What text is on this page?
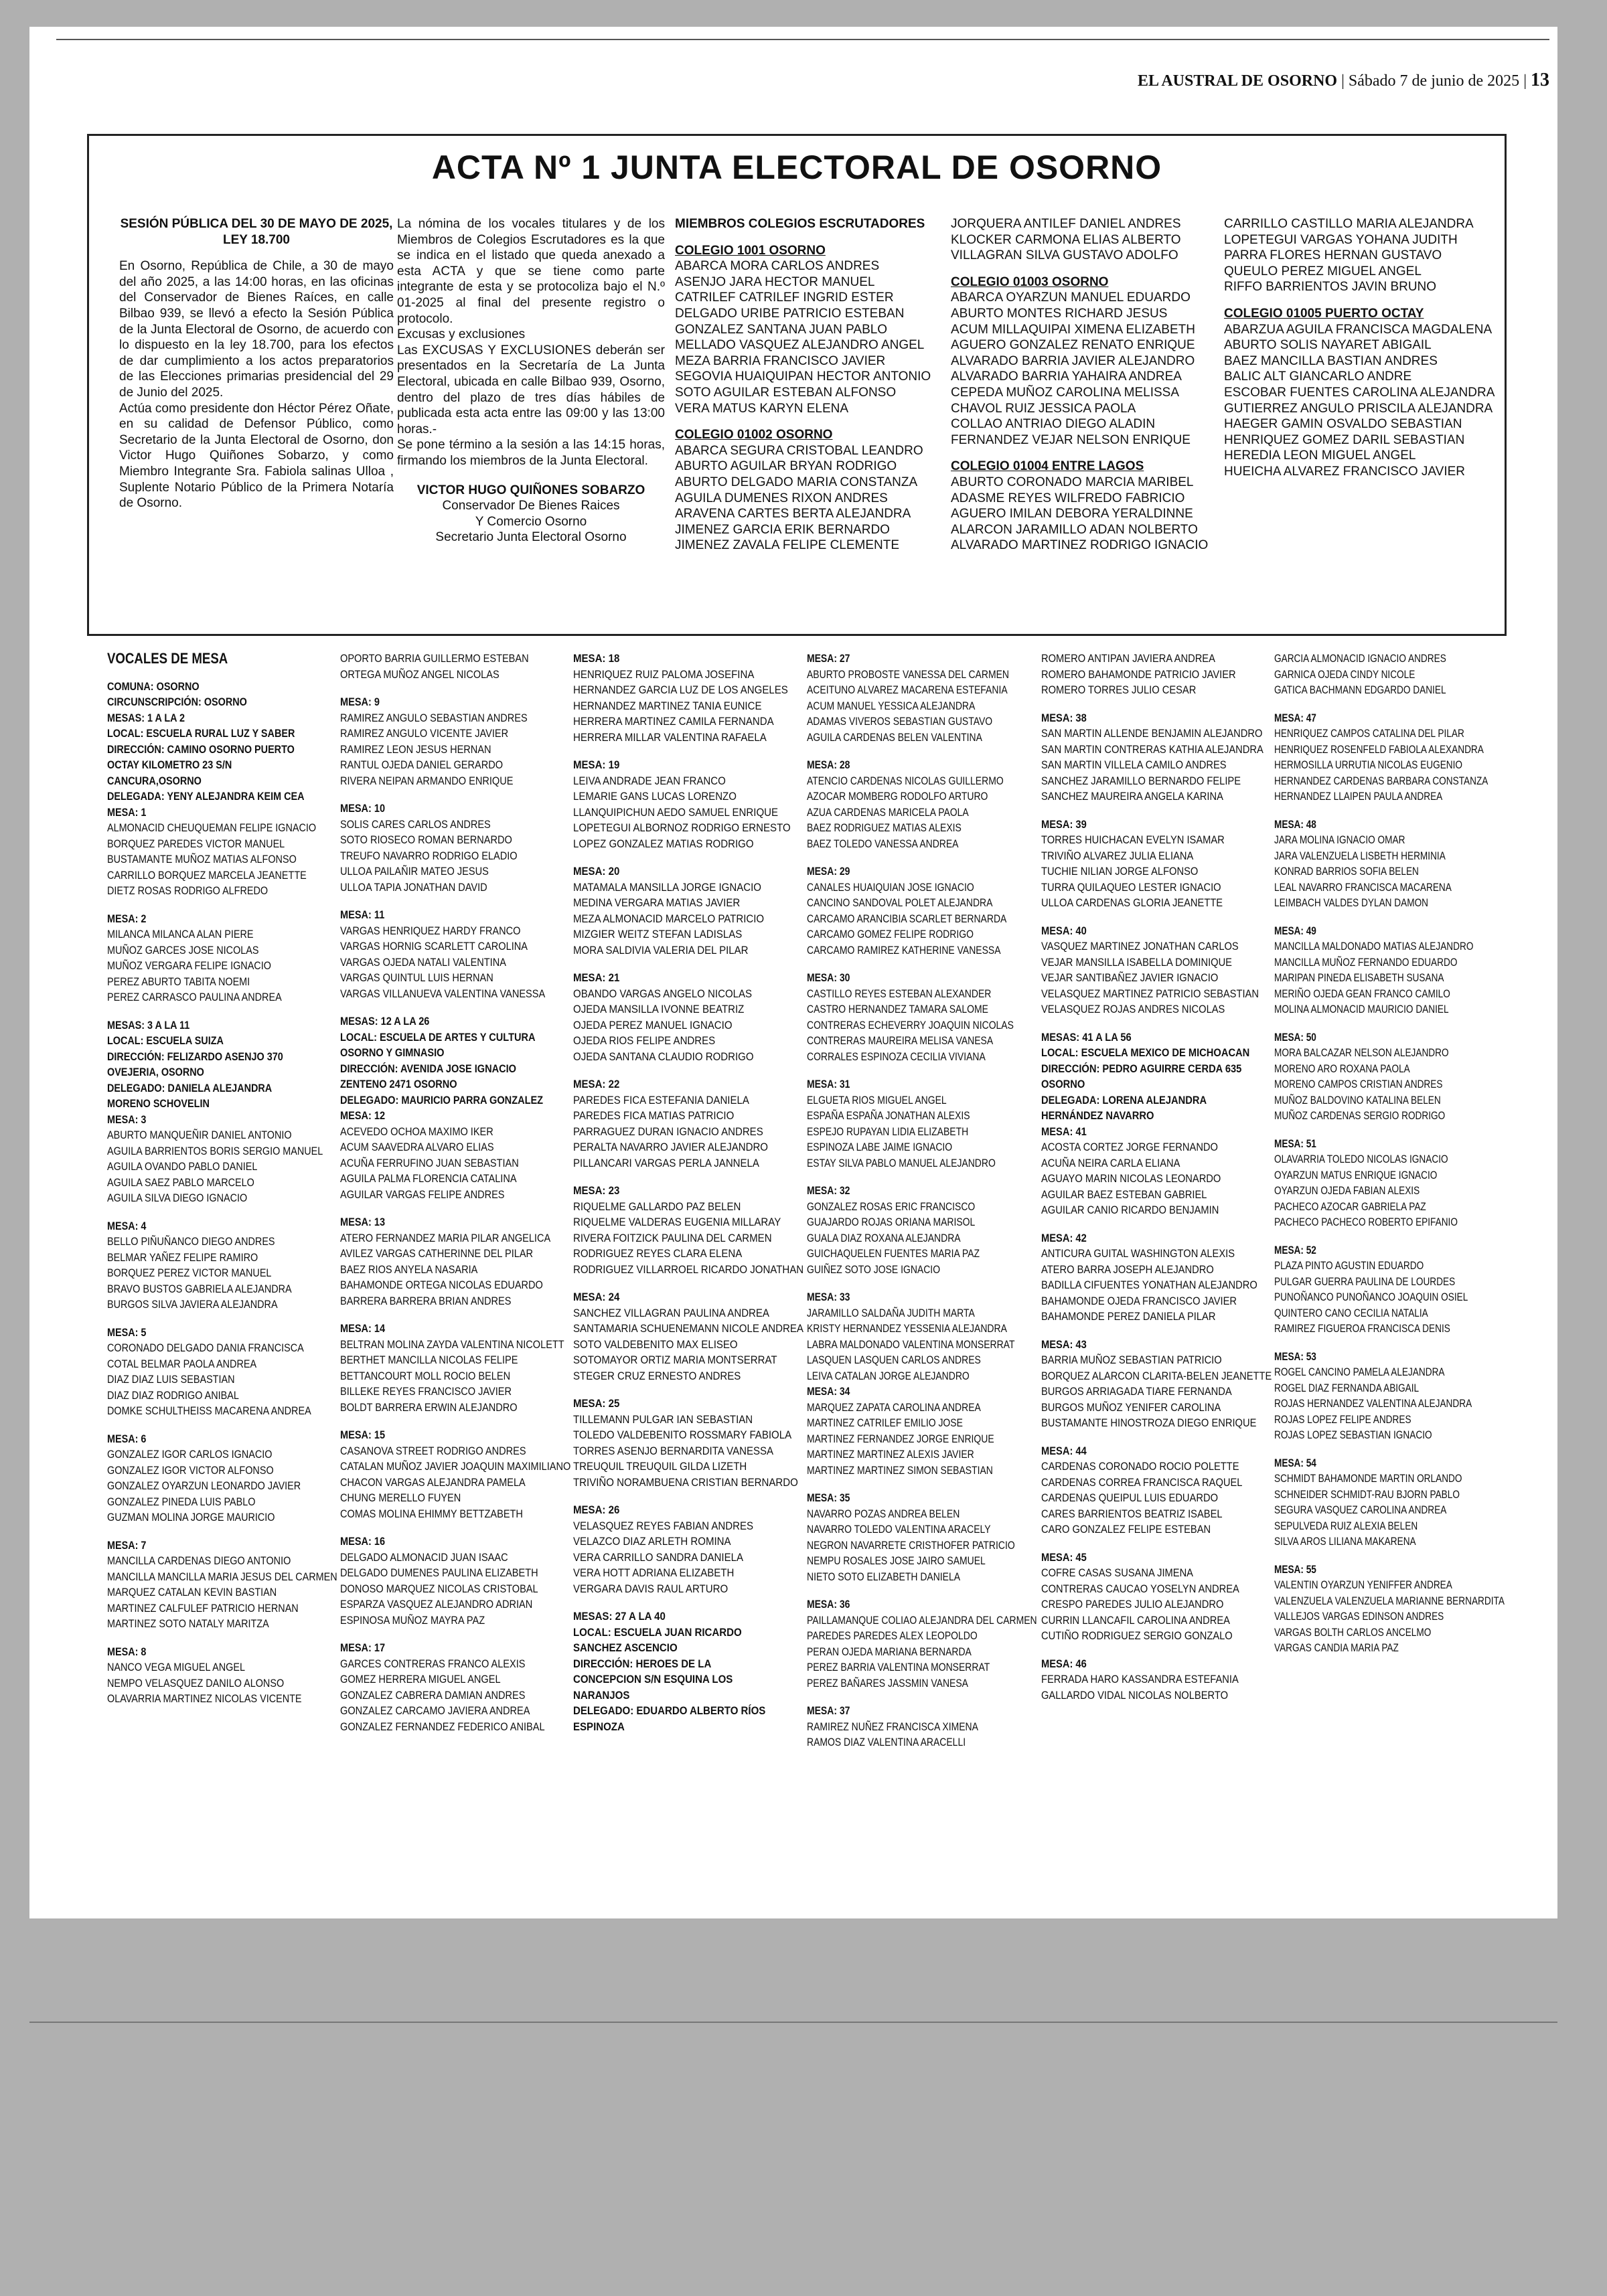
EL AUSTRAL DE OSORNO | Sábado 7 de junio de 2025 | 13
ACTA Nº 1 JUNTA ELECTORAL DE OSORNO
SESIÓN PÚBLICA DEL 30 DE MAYO DE 2025, LEY 18.700
En Osorno, República de Chile, a 30 de mayo del año 2025, a las 14:00 horas, en las oficinas del Conservador de Bienes Raíces, en calle Bilbao 939, se llevó a efecto la Sesión Pública de la Junta Electoral de Osorno, de acuerdo con lo dispuesto en la ley 18.700, para los efectos de dar cumplimiento a los actos preparatorios de las Elecciones primarias presidencial del 29 de Junio del 2025.
Actúa como presidente don Héctor Pérez Oñate, en su calidad de Defensor Público, como Secretario de la Junta Electoral de Osorno, don Victor Hugo Quiñones Sobarzo, y como Miembro Integrante Sra. Fabiola salinas Ulloa , Suplente Notario Público de la Primera Notaría de Osorno.
La nómina de los vocales titulares y de los Miembros de Colegios Escrutadores es la que se indica en el listado que queda anexado a esta ACTA y que se tiene como parte integrante de esta y se protocoliza bajo el N.º 01-2025 al final del presente registro o protocolo.
Excusas y exclusiones
Las EXCUSAS Y EXCLUSIONES deberán ser presentados en la Secretaría de La Junta Electoral, ubicada en calle Bilbao 939, Osorno, dentro del plazo de tres días hábiles de publicada esta acta entre las 09:00 y las 13:00 horas.-
Se pone término a la sesión a las 14:15 horas, firmando los miembros de la Junta Electoral.
VICTOR HUGO QUIÑONES SOBARZO
Conservador De Bienes Raices
Y Comercio Osorno
Secretario Junta Electoral Osorno
MIEMBROS COLEGIOS ESCRUTADORES
COLEGIO 1001 OSORNO
ABARCA MORA CARLOS ANDRES
ASENJO JARA HECTOR MANUEL
CATRILEF CATRILEF INGRID ESTER
DELGADO URIBE PATRICIO ESTEBAN
GONZALEZ SANTANA JUAN PABLO
MELLADO VASQUEZ ALEJANDRO ANGEL
MEZA BARRIA FRANCISCO JAVIER
SEGOVIA HUAIQUIPAN HECTOR ANTONIO
SOTO AGUILAR ESTEBAN ALFONSO
VERA MATUS KARYN ELENA
COLEGIO 01002 OSORNO
ABARCA SEGURA CRISTOBAL LEANDRO
ABURTO AGUILAR BRYAN RODRIGO
ABURTO DELGADO MARIA CONSTANZA
AGUILA DUMENES RIXON ANDRES
ARAVENA CARTES BERTA ALEJANDRA
JIMENEZ GARCIA ERIK BERNARDO
JIMENEZ ZAVALA FELIPE CLEMENTE
JORQUERA ANTILEF DANIEL ANDRES
KLOCKER CARMONA ELIAS ALBERTO
VILLAGRAN SILVA GUSTAVO ADOLFO
COLEGIO 01003 OSORNO
ABARCA OYARZUN MANUEL EDUARDO
ABURTO MONTES RICHARD JESUS
ACUM MILLAQUIPAI XIMENA ELIZABETH
AGUERO GONZALEZ RENATO ENRIQUE
ALVARADO BARRIA JAVIER ALEJANDRO
ALVARADO BARRIA YAHAIRA ANDREA
CEPEDA MUÑOZ CAROLINA MELISSA
CHAVOL RUIZ JESSICA PAOLA
COLLAO ANTRIAO DIEGO ALADIN
FERNANDEZ VEJAR NELSON ENRIQUE
COLEGIO 01004 ENTRE LAGOS
ABURTO CORONADO MARCIA MARIBEL
ADASME REYES WILFREDO FABRICIO
AGUERO IMILAN DEBORA YERALDINNE
ALARCON JARAMILLO ADAN NOLBERTO
ALVARADO MARTINEZ RODRIGO IGNACIO
CARRILLO CASTILLO MARIA ALEJANDRA
LOPETEGUI VARGAS YOHANA JUDITH
PARRA FLORES HERNAN GUSTAVO
QUEULO PEREZ MIGUEL ANGEL
RIFFO BARRIENTOS JAVIN BRUNO
COLEGIO 01005 PUERTO OCTAY
ABARZUA AGUILA FRANCISCA MAGDALENA
ABURTO SOLIS NAYARET ABIGAIL
BAEZ MANCILLA BASTIAN ANDRES
BALIC ALT GIANCARLO ANDRE
ESCOBAR FUENTES CAROLINA ALEJANDRA
GUTIERREZ ANGULO PRISCILA ALEJANDRA
HAEGER GAMIN OSVALDO SEBASTIAN
HENRIQUEZ GOMEZ DARIL SEBASTIAN
HEREDIA LEON MIGUEL ANGEL
HUEICHA ALVAREZ FRANCISCO JAVIER
VOCALES DE MESA
COMUNA: OSORNO
CIRCUNSCRIPCIÓN: OSORNO
MESAS: 1 A LA 2
LOCAL: ESCUELA RURAL LUZ Y SABER
DIRECCIÓN: CAMINO OSORNO PUERTO OCTAY KILOMETRO 23 S/N CANCURA,OSORNO
DELEGADA: YENY ALEJANDRA KEIM CEA
MESA: 1
ALMONACID CHEUQUEMAN FELIPE IGNACIO
BORQUEZ PAREDES VICTOR MANUEL
BUSTAMANTE MUÑOZ MATIAS ALFONSO
CARRILLO BORQUEZ MARCELA JEANETTE
DIETZ ROSAS RODRIGO ALFREDO
MESA: 2
MILANCA MILANCA ALAN PIERE
MUÑOZ GARCES JOSE NICOLAS
MUÑOZ VERGARA FELIPE IGNACIO
PEREZ ABURTO TABITA NOEMI
PEREZ CARRASCO PAULINA ANDREA
MESAS: 3 A LA 11
LOCAL: ESCUELA SUIZA
DIRECCIÓN: FELIZARDO ASENJO 370 OVEJERIA, OSORNO
DELEGADO: DANIELA ALEJANDRA MORENO SCHOVELIN
MESA: 3
ABURTO MANQUEÑIR DANIEL ANTONIO
AGUILA BARRIENTOS BORIS SERGIO MANUEL
AGUILA OVANDO PABLO DANIEL
AGUILA SAEZ PABLO MARCELO
AGUILA SILVA DIEGO IGNACIO
MESA: 4
BELLO PIÑUÑANCO DIEGO ANDRES
BELMAR YAÑEZ FELIPE RAMIRO
BORQUEZ PEREZ VICTOR MANUEL
BRAVO BUSTOS GABRIELA ALEJANDRA
BURGOS SILVA JAVIERA ALEJANDRA
MESA: 5
CORONADO DELGADO DANIA FRANCISCA
COTAL BELMAR PAOLA ANDREA
DIAZ DIAZ LUIS SEBASTIAN
DIAZ DIAZ RODRIGO ANIBAL
DOMKE SCHULTHEISS MACARENA ANDREA
MESA: 6
GONZALEZ IGOR CARLOS IGNACIO
GONZALEZ IGOR VICTOR ALFONSO
GONZALEZ OYARZUN LEONARDO JAVIER
GONZALEZ PINEDA LUIS PABLO
GUZMAN MOLINA JORGE MAURICIO
MESA: 7
MANCILLA CARDENAS DIEGO ANTONIO
MANCILLA MANCILLA MARIA JESUS DEL CARMEN
MARQUEZ CATALAN KEVIN BASTIAN
MARTINEZ CALFULEF PATRICIO HERNAN
MARTINEZ SOTO NATALY MARITZA
MESA: 8
NANCO VEGA MIGUEL ANGEL
NEMPO VELASQUEZ DANILO ALONSO
OLAVARRIA MARTINEZ NICOLAS VICENTE
OPORTO BARRIA GUILLERMO ESTEBAN
ORTEGA MUÑOZ ANGEL NICOLAS
MESA: 9
RAMIREZ ANGULO SEBASTIAN ANDRES
RAMIREZ ANGULO VICENTE JAVIER
RAMIREZ LEON JESUS HERNAN
RANTUL OJEDA DANIEL GERARDO
RIVERA NEIPAN ARMANDO ENRIQUE
MESA: 10
SOLIS CARES CARLOS ANDRES
SOTO RIOSECO ROMAN BERNARDO
TREUFO NAVARRO RODRIGO ELADIO
ULLOA PAILAÑIR MATEO JESUS
ULLOA TAPIA JONATHAN DAVID
MESA: 11
VARGAS HENRIQUEZ HARDY FRANCO
VARGAS HORNIG SCARLETT CAROLINA
VARGAS OJEDA NATALI VALENTINA
VARGAS QUINTUL LUIS HERNAN
VARGAS VILLANUEVA VALENTINA VANESSA
MESAS: 12 A LA 26
LOCAL: ESCUELA DE ARTES Y CULTURA OSORNO Y GIMNASIO
DIRECCIÓN: AVENIDA JOSE IGNACIO ZENTENO 2471 OSORNO
DELEGADO: MAURICIO PARRA GONZALEZ
MESA: 12
ACEVEDO OCHOA MAXIMO IKER
ACUM SAAVEDRA ALVARO ELIAS
ACUÑA FERRUFINO JUAN SEBASTIAN
AGUILA PALMA FLORENCIA CATALINA
AGUILAR VARGAS FELIPE ANDRES
MESA: 13
ATERO FERNANDEZ MARIA PILAR ANGELICA
AVILEZ VARGAS CATHERINNE DEL PILAR
BAEZ RIOS ANYELA NASARIA
BAHAMONDE ORTEGA NICOLAS EDUARDO
BARRERA BARRERA BRIAN ANDRES
MESA: 14
BELTRAN MOLINA ZAYDA VALENTINA NICOLETT
BERTHET MANCILLA NICOLAS FELIPE
BETTANCOURT MOLL ROCIO BELEN
BILLEKE REYES FRANCISCO JAVIER
BOLDT BARRERA ERWIN ALEJANDRO
MESA: 15
CASANOVA STREET RODRIGO ANDRES
CATALAN MUÑOZ JAVIER JOAQUIN MAXIMILIANO
CHACON VARGAS ALEJANDRA PAMELA
CHUNG MERELLO FUYEN
COMAS MOLINA EHIMMY BETTZABETH
MESA: 16
DELGADO ALMONACID JUAN ISAAC
DELGADO DUMENES PAULINA ELIZABETH
DONOSO MARQUEZ NICOLAS CRISTOBAL
ESPARZA VASQUEZ ALEJANDRO ADRIAN
ESPINOSA MUÑOZ MAYRA PAZ
MESA: 17
GARCES CONTRERAS FRANCO ALEXIS
GOMEZ HERRERA MIGUEL ANGEL
GONZALEZ CABRERA DAMIAN ANDRES
GONZALEZ CARCAMO JAVIERA ANDREA
GONZALEZ FERNANDEZ FEDERICO ANIBAL
MESA: 18
HENRIQUEZ RUIZ PALOMA JOSEFINA
HERNANDEZ GARCIA LUZ DE LOS ANGELES
HERNANDEZ MARTINEZ TANIA EUNICE
HERRERA MARTINEZ CAMILA FERNANDA
HERRERA MILLAR VALENTINA RAFAELA
MESA: 19
LEIVA ANDRADE JEAN FRANCO
LEMARIE GANS LUCAS LORENZO
LLANQUIPICHUN AEDO SAMUEL ENRIQUE
LOPETEGUI ALBORNOZ RODRIGO ERNESTO
LOPEZ GONZALEZ MATIAS RODRIGO
MESA: 20
MATAMALA MANSILLA JORGE IGNACIO
MEDINA VERGARA MATIAS JAVIER
MEZA ALMONACID MARCELO PATRICIO
MIZGIER WEITZ STEFAN LADISLAS
MORA SALDIVIA VALERIA DEL PILAR
MESA: 21
OBANDO VARGAS ANGELO NICOLAS
OJEDA MANSILLA IVONNE BEATRIZ
OJEDA PEREZ MANUEL IGNACIO
OJEDA RIOS FELIPE ANDRES
OJEDA SANTANA CLAUDIO RODRIGO
MESA: 22
PAREDES FICA ESTEFANIA DANIELA
PAREDES FICA MATIAS PATRICIO
PARRAGUEZ DURAN IGNACIO ANDRES
PERALTA NAVARRO JAVIER ALEJANDRO
PILLANCARI VARGAS PERLA JANNELA
MESA: 23
RIQUELME GALLARDO PAZ BELEN
RIQUELME VALDERAS EUGENIA MILLARAY
RIVERA FOITZICK PAULINA DEL CARMEN
RODRIGUEZ REYES CLARA ELENA
RODRIGUEZ VILLARROEL RICARDO JONATHAN
MESA: 24
SANCHEZ VILLAGRAN PAULINA ANDREA
SANTAMARIA SCHUENEMANN NICOLE ANDREA
SOTO VALDEBENITO MAX ELISEO
SOTOMAYOR ORTIZ MARIA MONTSERRAT
STEGER CRUZ ERNESTO ANDRES
MESA: 25
TILLEMANN PULGAR IAN SEBASTIAN
TOLEDO VALDEBENITO ROSSMARY FABIOLA
TORRES ASENJO BERNARDITA VANESSA
TREUQUIL TREUQUIL GILDA LIZETH
TRIVIÑO NORAMBUENA CRISTIAN BERNARDO
MESA: 26
VELASQUEZ REYES FABIAN ANDRES
VELAZCO DIAZ ARLETH ROMINA
VERA CARRILLO SANDRA DANIELA
VERA HOTT ADRIANA ELIZABETH
VERGARA DAVIS RAUL ARTURO
MESAS: 27 A LA 40
LOCAL: ESCUELA JUAN RICARDO SANCHEZ ASCENCIO
DIRECCIÓN: HEROES DE LA CONCEPCION S/N ESQUINA LOS NARANJOS
DELEGADO: EDUARDO ALBERTO RÍOS ESPINOZA
MESA: 27
ABURTO PROBOSTE VANESSA DEL CARMEN
ACEITUNO ALVAREZ MACARENA ESTEFANIA
ACUM MANUEL YESSICA ALEJANDRA
ADAMAS VIVEROS SEBASTIAN GUSTAVO
AGUILA CARDENAS BELEN VALENTINA
MESA: 28
ATENCIO CARDENAS NICOLAS GUILLERMO
AZOCAR MOMBERG RODOLFO ARTURO
AZUA CARDENAS MARICELA PAOLA
BAEZ RODRIGUEZ MATIAS ALEXIS
BAEZ TOLEDO VANESSA ANDREA
MESA: 29
CANALES HUAIQUIAN JOSE IGNACIO
CANCINO SANDOVAL POLET ALEJANDRA
CARCAMO ARANCIBIA SCARLET BERNARDA
CARCAMO GOMEZ FELIPE RODRIGO
CARCAMO RAMIREZ KATHERINE VANESSA
MESA: 30
CASTILLO REYES ESTEBAN ALEXANDER
CASTRO HERNANDEZ TAMARA SALOME
CONTRERAS ECHEVERRY JOAQUIN NICOLAS
CONTRERAS MAUREIRA MELISA VANESA
CORRALES ESPINOZA CECILIA VIVIANA
MESA: 31
ELGUETA RIOS MIGUEL ANGEL
ESPAÑA ESPAÑA JONATHAN ALEXIS
ESPEJO RUPAYAN LIDIA ELIZABETH
ESPINOZA LABE JAIME IGNACIO
ESTAY SILVA PABLO MANUEL ALEJANDRO
MESA: 32
GONZALEZ ROSAS ERIC FRANCISCO
GUAJARDO ROJAS ORIANA MARISOL
GUALA DIAZ ROXANA ALEJANDRA
GUICHAQUELEN FUENTES MARIA PAZ
GUIÑEZ SOTO JOSE IGNACIO
MESA: 33
JARAMILLO SALDAÑA JUDITH MARTA
KRISTY HERNANDEZ YESSENIA ALEJANDRA
LABRA MALDONADO VALENTINA MONSERRAT
LASQUEN LASQUEN CARLOS ANDRES
LEIVA CATALAN JORGE ALEJANDRO
MESA: 34
MARQUEZ ZAPATA CAROLINA ANDREA
MARTINEZ CATRILEF EMILIO JOSE
MARTINEZ FERNANDEZ JORGE ENRIQUE
MARTINEZ MARTINEZ ALEXIS JAVIER
MARTINEZ MARTINEZ SIMON SEBASTIAN
MESA: 35
NAVARRO POZAS ANDREA BELEN
NAVARRO TOLEDO VALENTINA ARACELY
NEGRON NAVARRETE CRISTHOFER PATRICIO
NEMPU ROSALES JOSE JAIRO SAMUEL
NIETO SOTO ELIZABETH DANIELA
MESA: 36
PAILLAMANQUE COLIAO ALEJANDRA DEL CARMEN
PAREDES PAREDES ALEX LEOPOLDO
PERAN OJEDA MARIANA BERNARDA
PEREZ BARRIA VALENTINA MONSERRAT
PEREZ BAÑARES JASSMIN VANESA
MESA: 37
RAMIREZ NUÑEZ FRANCISCA XIMENA
RAMOS DIAZ VALENTINA ARACELLI
ROMERO ANTIPAN JAVIERA ANDREA
ROMERO BAHAMONDE PATRICIO JAVIER
ROMERO TORRES JULIO CESAR
MESA: 38
SAN MARTIN ALLENDE BENJAMIN ALEJANDRO
SAN MARTIN CONTRERAS KATHIA ALEJANDRA
SAN MARTIN VILLELA CAMILO ANDRES
SANCHEZ JARAMILLO BERNARDO FELIPE
SANCHEZ MAUREIRA ANGELA KARINA
MESA: 39
TORRES HUICHACAN EVELYN ISAMAR
TRIVIÑO ALVAREZ JULIA ELIANA
TUCHIE NILIAN JORGE ALFONSO
TURRA QUILAQUEO LESTER IGNACIO
ULLOA CARDENAS GLORIA JEANETTE
MESA: 40
VASQUEZ MARTINEZ JONATHAN CARLOS
VEJAR MANSILLA ISABELLA DOMINIQUE
VEJAR SANTIBAÑEZ JAVIER IGNACIO
VELASQUEZ MARTINEZ PATRICIO SEBASTIAN
VELASQUEZ ROJAS ANDRES NICOLAS
MESAS: 41 A LA 56
LOCAL: ESCUELA MEXICO DE MICHOACAN
DIRECCIÓN: PEDRO AGUIRRE CERDA 635 OSORNO
DELEGADA: LORENA ALEJANDRA HERNÁNDEZ NAVARRO
MESA: 41
ACOSTA CORTEZ JORGE FERNANDO
ACUÑA NEIRA CARLA ELIANA
AGUAYO MARIN NICOLAS LEONARDO
AGUILAR BAEZ ESTEBAN GABRIEL
AGUILAR CANIO RICARDO BENJAMIN
MESA: 42
ANTICURA GUITAL WASHINGTON ALEXIS
ATERO BARRA JOSEPH ALEJANDRO
BADILLA CIFUENTES YONATHAN ALEJANDRO
BAHAMONDE OJEDA FRANCISCO JAVIER
BAHAMONDE PEREZ DANIELA PILAR
MESA: 43
BARRIA MUÑOZ SEBASTIAN PATRICIO
BORQUEZ ALARCON CLARITA-BELEN JEANETTE
BURGOS ARRIAGADA TIARE FERNANDA
BURGOS MUÑOZ YENIFER CAROLINA
BUSTAMANTE HINOSTROZA DIEGO ENRIQUE
MESA: 44
CARDENAS CORONADO ROCIO POLETTE
CARDENAS CORREA FRANCISCA RAQUEL
CARDENAS QUEIPUL LUIS EDUARDO
CARES BARRIENTOS BEATRIZ ISABEL
CARO GONZALEZ FELIPE ESTEBAN
MESA: 45
COFRE CASAS SUSANA JIMENA
CONTRERAS CAUCAO YOSELYN ANDREA
CRESPO PAREDES JULIO ALEJANDRO
CURRIN LLANCAFIL CAROLINA ANDREA
CUTIÑO RODRIGUEZ SERGIO GONZALO
MESA: 46
FERRADA HARO KASSANDRA ESTEFANIA
GALLARDO VIDAL NICOLAS NOLBERTO
GARCIA ALMONACID IGNACIO ANDRES
GARNICA OJEDA CINDY NICOLE
GATICA BACHMANN EDGARDO DANIEL
MESA: 47
HENRIQUEZ CAMPOS CATALINA DEL PILAR
HENRIQUEZ ROSENFELD FABIOLA ALEXANDRA
HERMOSILLA URRUTIA NICOLAS EUGENIO
HERNANDEZ CARDENAS BARBARA CONSTANZA
HERNANDEZ LLAIPEN PAULA ANDREA
MESA: 48
JARA MOLINA IGNACIO OMAR
JARA VALENZUELA LISBETH HERMINIA
KONRAD BARRIOS SOFIA BELEN
LEAL NAVARRO FRANCISCA MACARENA
LEIMBACH VALDES DYLAN DAMON
MESA: 49
MANCILLA MALDONADO MATIAS ALEJANDRO
MANCILLA MUÑOZ FERNANDO EDUARDO
MARIPAN PINEDA ELISABETH SUSANA
MERIÑO OJEDA GEAN FRANCO CAMILO
MOLINA ALMONACID MAURICIO DANIEL
MESA: 50
MORA BALCAZAR NELSON ALEJANDRO
MORENO ARO ROXANA PAOLA
MORENO CAMPOS CRISTIAN ANDRES
MUÑOZ BALDOVINO KATALINA BELEN
MUÑOZ CARDENAS SERGIO RODRIGO
MESA: 51
OLAVARRIA TOLEDO NICOLAS IGNACIO
OYARZUN MATUS ENRIQUE IGNACIO
OYARZUN OJEDA FABIAN ALEXIS
PACHECO AZOCAR GABRIELA PAZ
PACHECO PACHECO ROBERTO EPIFANIO
MESA: 52
PLAZA PINTO AGUSTIN EDUARDO
PULGAR GUERRA PAULINA DE LOURDES
PUNOÑANCO PUNOÑANCO JOAQUIN OSIEL
QUINTERO CANO CECILIA NATALIA
RAMIREZ FIGUEROA FRANCISCA DENIS
MESA: 53
ROGEL CANCINO PAMELA ALEJANDRA
ROGEL DIAZ FERNANDA ABIGAIL
ROJAS HERNANDEZ VALENTINA ALEJANDRA
ROJAS LOPEZ FELIPE ANDRES
ROJAS LOPEZ SEBASTIAN IGNACIO
MESA: 54
SCHMIDT BAHAMONDE MARTIN ORLANDO
SCHNEIDER SCHMIDT-RAU BJORN PABLO
SEGURA VASQUEZ CAROLINA ANDREA
SEPULVEDA RUIZ ALEXIA BELEN
SILVA AROS LILIANA MAKARENA
MESA: 55
VALENTIN OYARZUN YENIFFER ANDREA
VALENZUELA VALENZUELA MARIANNE BERNARDITA
VALLEJOS VARGAS EDINSON ANDRES
VARGAS BOLTH CARLOS ANCELMO
VARGAS CANDIA MARIA PAZ
